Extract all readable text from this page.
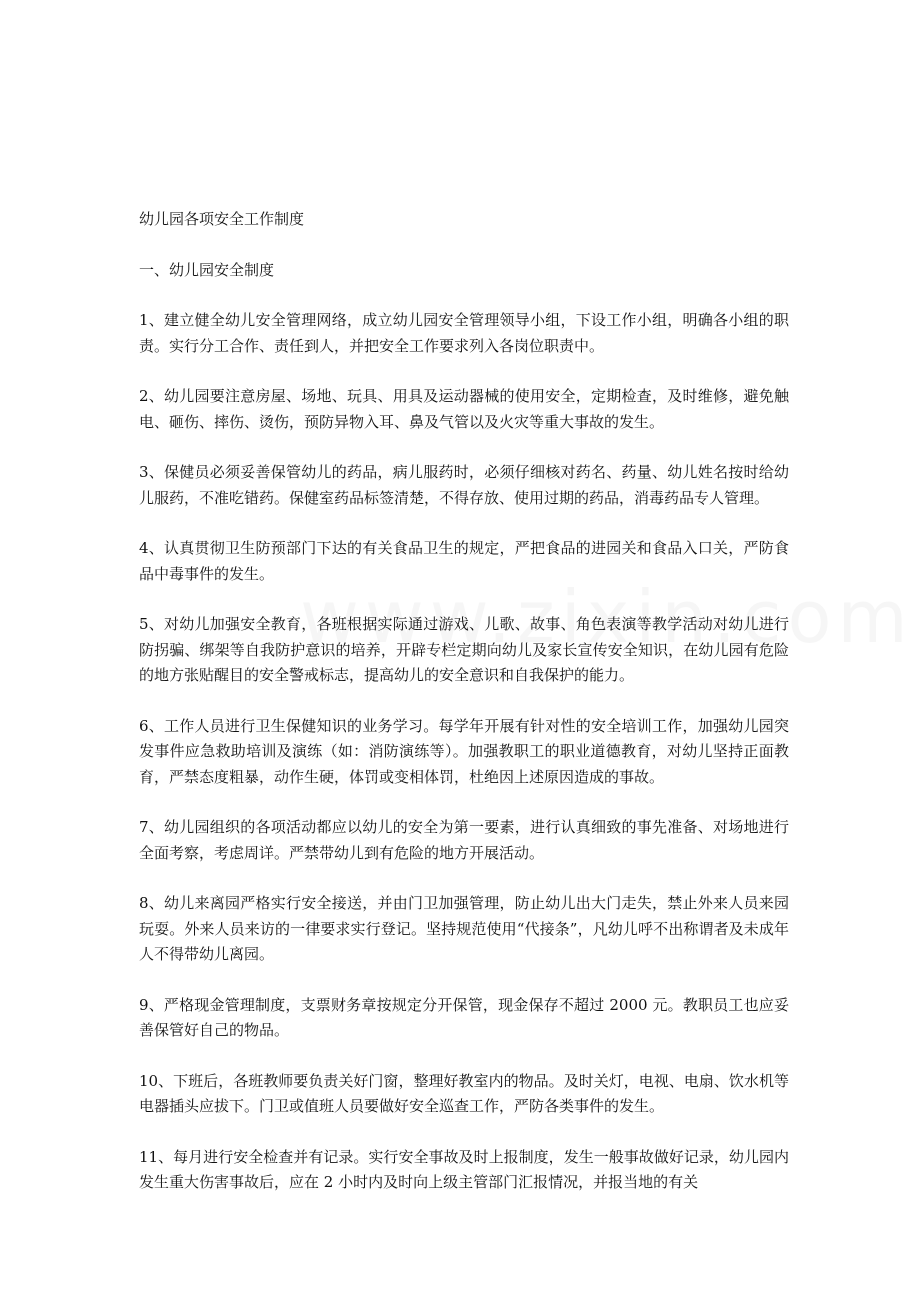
幼儿园各项安全工作制度

一、幼儿园安全制度

1、建立健全幼儿安全管理网络，成立幼儿园安全管理领导小组，下设工作小组，明确各小组的职责。实行分工合作、责任到人，并把安全工作要求列入各岗位职责中。

2、幼儿园要注意房屋、场地、玩具、用具及运动器械的使用安全，定期检查，及时维修，避免触电、砸伤、摔伤、烫伤，预防异物入耳、鼻及气管以及火灾等重大事故的发生。

3、保健员必须妥善保管幼儿的药品，病儿服药时，必须仔细核对药名、药量、幼儿姓名按时给幼儿服药，不准吃错药。保健室药品标签清楚，不得存放、使用过期的药品，消毒药品专人管理。

4、认真贯彻卫生防预部门下达的有关食品卫生的规定，严把食品的进园关和食品入口关，严防食品中毒事件的发生。

5、对幼儿加强安全教育，各班根据实际通过游戏、儿歌、故事、角色表演等教学活动对幼儿进行防拐骗、绑架等自我防护意识的培养，开辟专栏定期向幼儿及家长宣传安全知识，在幼儿园有危险的地方张贴醒目的安全警戒标志，提高幼儿的安全意识和自我保护的能力。

6、工作人员进行卫生保健知识的业务学习。每学年开展有针对性的安全培训工作，加强幼儿园突发事件应急救助培训及演练（如：消防演练等）。加强教职工的职业道德教育，对幼儿坚持正面教育，严禁态度粗暴，动作生硬，体罚或变相体罚，杜绝因上述原因造成的事故。

7、幼儿园组织的各项活动都应以幼儿的安全为第一要素，进行认真细致的事先准备、对场地进行全面考察，考虑周详。严禁带幼儿到有危险的地方开展活动。

8、幼儿来离园严格实行安全接送，并由门卫加强管理，防止幼儿出大门走失，禁止外来人员来园玩耍。外来人员来访的一律要求实行登记。坚持规范使用“代接条”，凡幼儿呼不出称谓者及未成年人不得带幼儿离园。

9、严格现金管理制度，支票财务章按规定分开保管，现金保存不超过 2000 元。教职员工也应妥善保管好自己的物品。

10、下班后，各班教师要负责关好门窗，整理好教室内的物品。及时关灯，电视、电扇、饮水机等电器插头应拔下。门卫或值班人员要做好安全巡查工作，严防各类事件的发生。

11、每月进行安全检查并有记录。实行安全事故及时上报制度，发生一般事故做好记录，幼儿园内发生重大伤害事故后，应在 2 小时内及时向上级主管部门汇报情况，并报当地的有关
